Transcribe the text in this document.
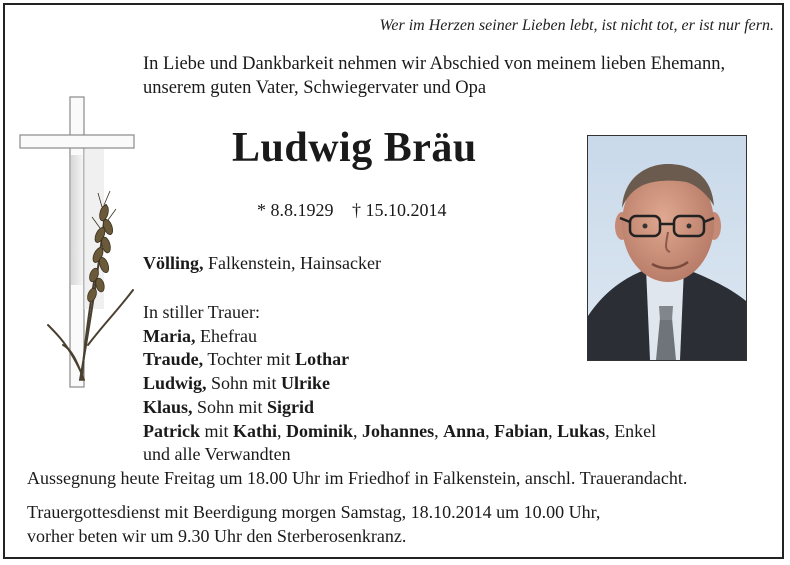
Wer im Herzen seiner Lieben lebt, ist nicht tot, er ist nur fern.
In Liebe und Dankbarkeit nehmen wir Abschied von meinem lieben Ehemann,
unserem guten Vater, Schwiegervater und Opa
Ludwig Bräu
* 8.8.1929 † 15.10.2014
Völling, Falkenstein, Hainsacker
In stiller Trauer:
Maria, Ehefrau
Traude, Tochter mit Lothar
Ludwig, Sohn mit Ulrike
Klaus, Sohn mit Sigrid
Patrick mit Kathi, Dominik, Johannes, Anna, Fabian, Lukas, Enkel
und alle Verwandten
Aussegnung heute Freitag um 18.00 Uhr im Friedhof in Falkenstein, anschl. Trauerandacht.
Trauergottesdienst mit Beerdigung morgen Samstag, 18.10.2014 um 10.00 Uhr,
vorher beten wir um 9.30 Uhr den Sterberosenkranz.
